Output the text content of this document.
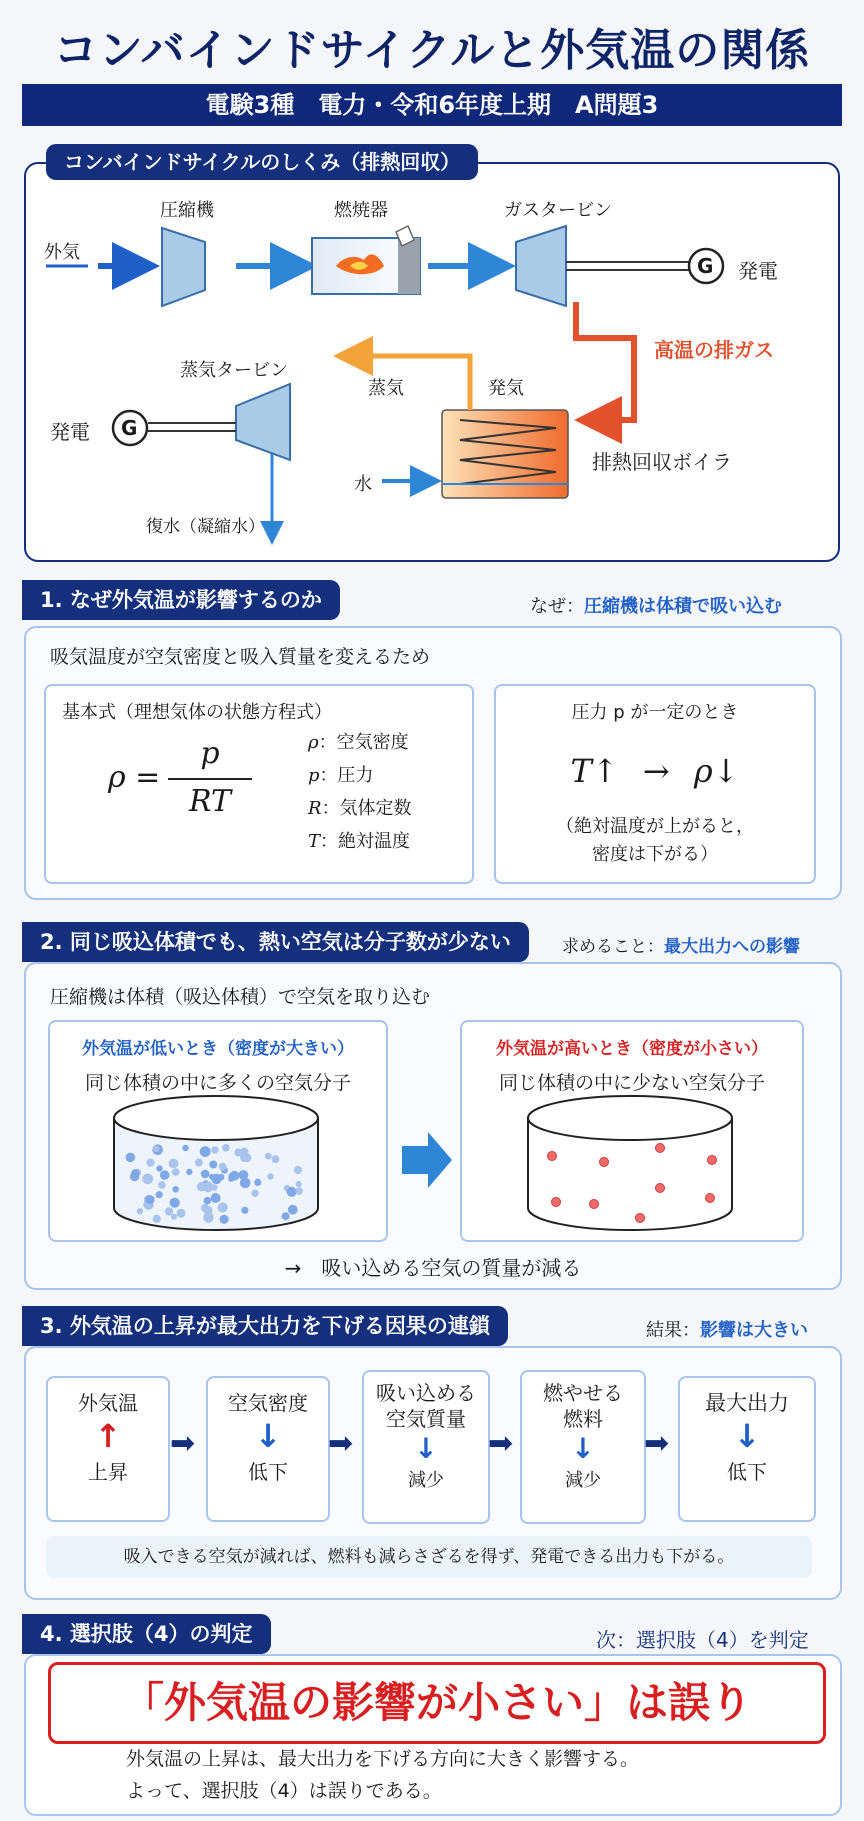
コンバインドサイクルと外気温の関係
電験3種　電力・令和6年度上期　A問題3
コンバインドサイクルのしくみ（排熱回収）
外気
圧縮機	燃焼器	ガスタービン
G 発電
高温の排ガス
蒸気タービン
蒸気	発気
発電 G
水
排熱回収ボイラ
復水（凝縮水）
1. なぜ外気温が影響するのか	なぜ：圧縮機は体積で吸い込む
吸気温度が空気密度と吸入質量を変えるため
基本式（理想気体の状態方程式）
ρ =
p
RT
ρ：空気密度
p：圧力
R：気体定数
T：絶対温度
圧力 p が一定のとき
T↑ → ρ↓
（絶対温度が上がると，
密度は下がる）
2. 同じ吸込体積でも、熱い空気は分子数が少ない	求めること：最大出力への影響
圧縮機は体積（吸込体積）で空気を取り込む
外気温が低いとき（密度が大きい）
同じ体積の中に多くの空気分子
外気温が高いとき（密度が小さい）
同じ体積の中に少ない空気分子
→　吸い込める空気の質量が減る
3. 外気温の上昇が最大出力を下げる因果の連鎖	結果：影響は大きい
外気温
↑
上昇
➡
空気密度
↓
低下
➡
吸い込める
空気質量
↓
減少
➡
燃やせる
燃料
↓
減少
➡
最大出力
↓
低下
吸入できる空気が減れば、燃料も減らさざるを得ず、発電できる出力も下がる。
4. 選択肢（4）の判定	次：選択肢（4）を判定
「外気温の影響が小さい」は誤り
外気温の上昇は、最大出力を下げる方向に大きく影響する。
よって、選択肢（4）は誤りである。
